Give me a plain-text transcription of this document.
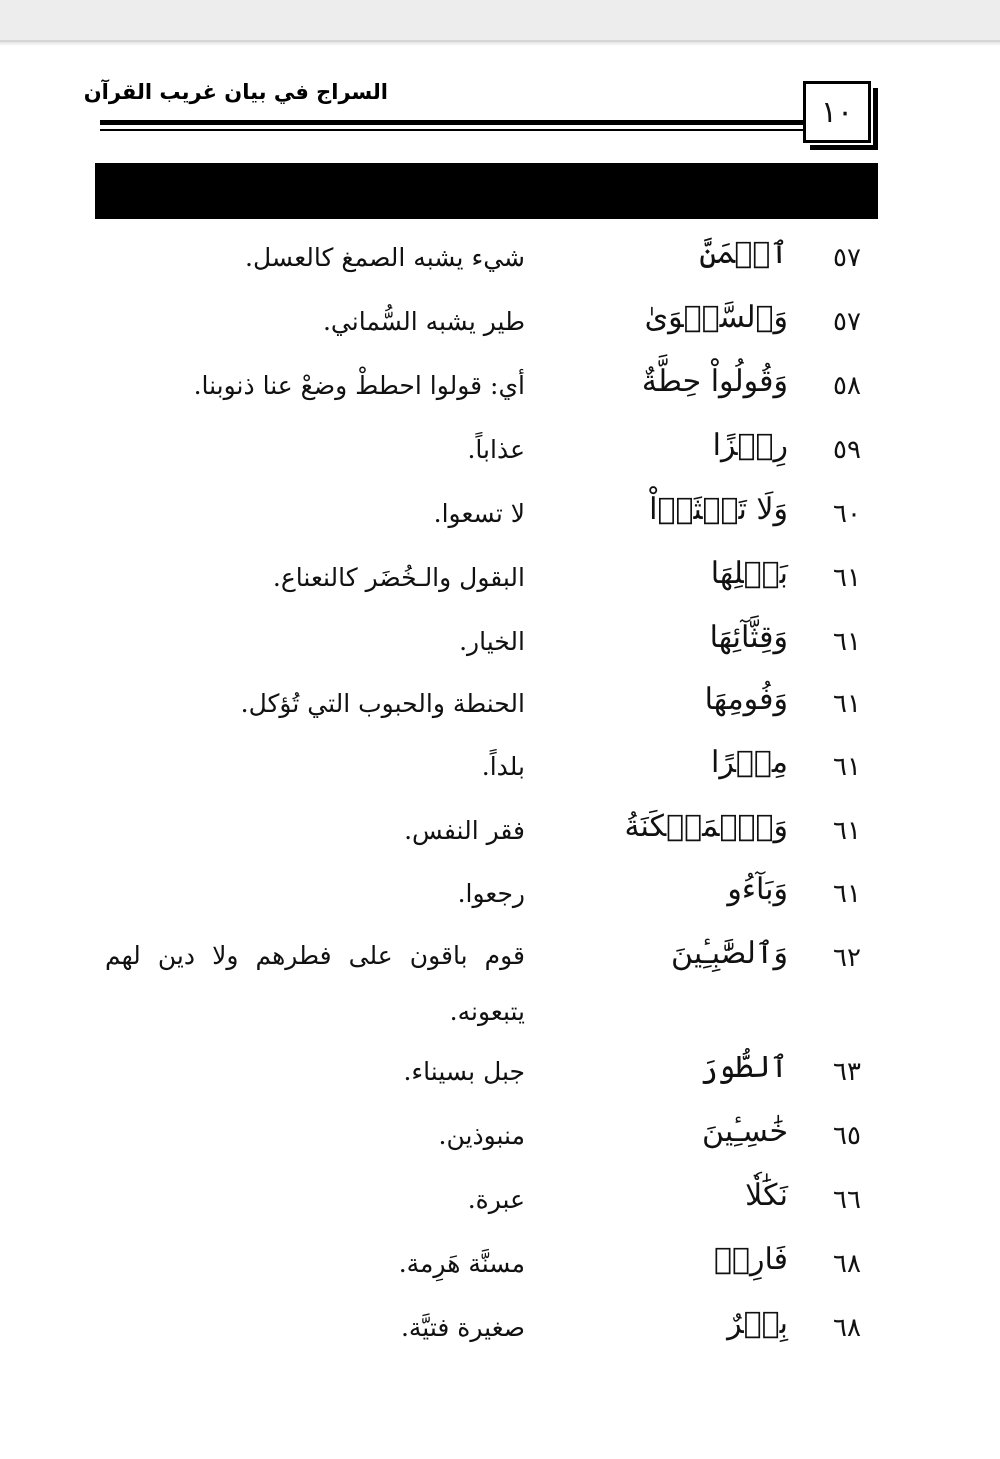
السراج في بيان غريب القرآن
١٠
٥٧
ٱلۡمَنَّ
شيء يشبه الصمغ كالعسل.
٥٧
وَٱلسَّلۡوَىٰ
طير يشبه السُّماني.
٥٨
وَقُولُواْ حِطَّةٌ
أي: قولوا احططْ وضعْ عنا ذنوبنا.
٥٩
رِجۡزًا
عذاباً.
٦٠
وَلَا تَعۡثَوۡاْ
لا تسعوا.
٦١
بَقۡلِهَا
البقول والـخُضَر كالنعناع.
٦١
وَقِثَّآئِهَا
الخيار.
٦١
وَفُومِهَا
الحنطة والحبوب التي تُؤكل.
٦١
مِصۡرًا
بلداً.
٦١
وَٱلۡمَسۡكَنَةُ
فقر النفس.
٦١
وَبَآءُو
رجعوا.
٦٢
وَٱلصَّٰبِـِٔينَ
قوم باقون على فطرهم ولا دين لهم يتبعونه.
٦٣
ٱلطُّورَ
جبل بسيناء.
٦٥
خَٰسِـِٔينَ
منبوذين.
٦٦
نَكَٰلٗا
عبرة.
٦٨
فَارِضٞ
مسنَّة هَرِمة.
٦٨
بِكۡرٌ
صغيرة فتيَّة.
